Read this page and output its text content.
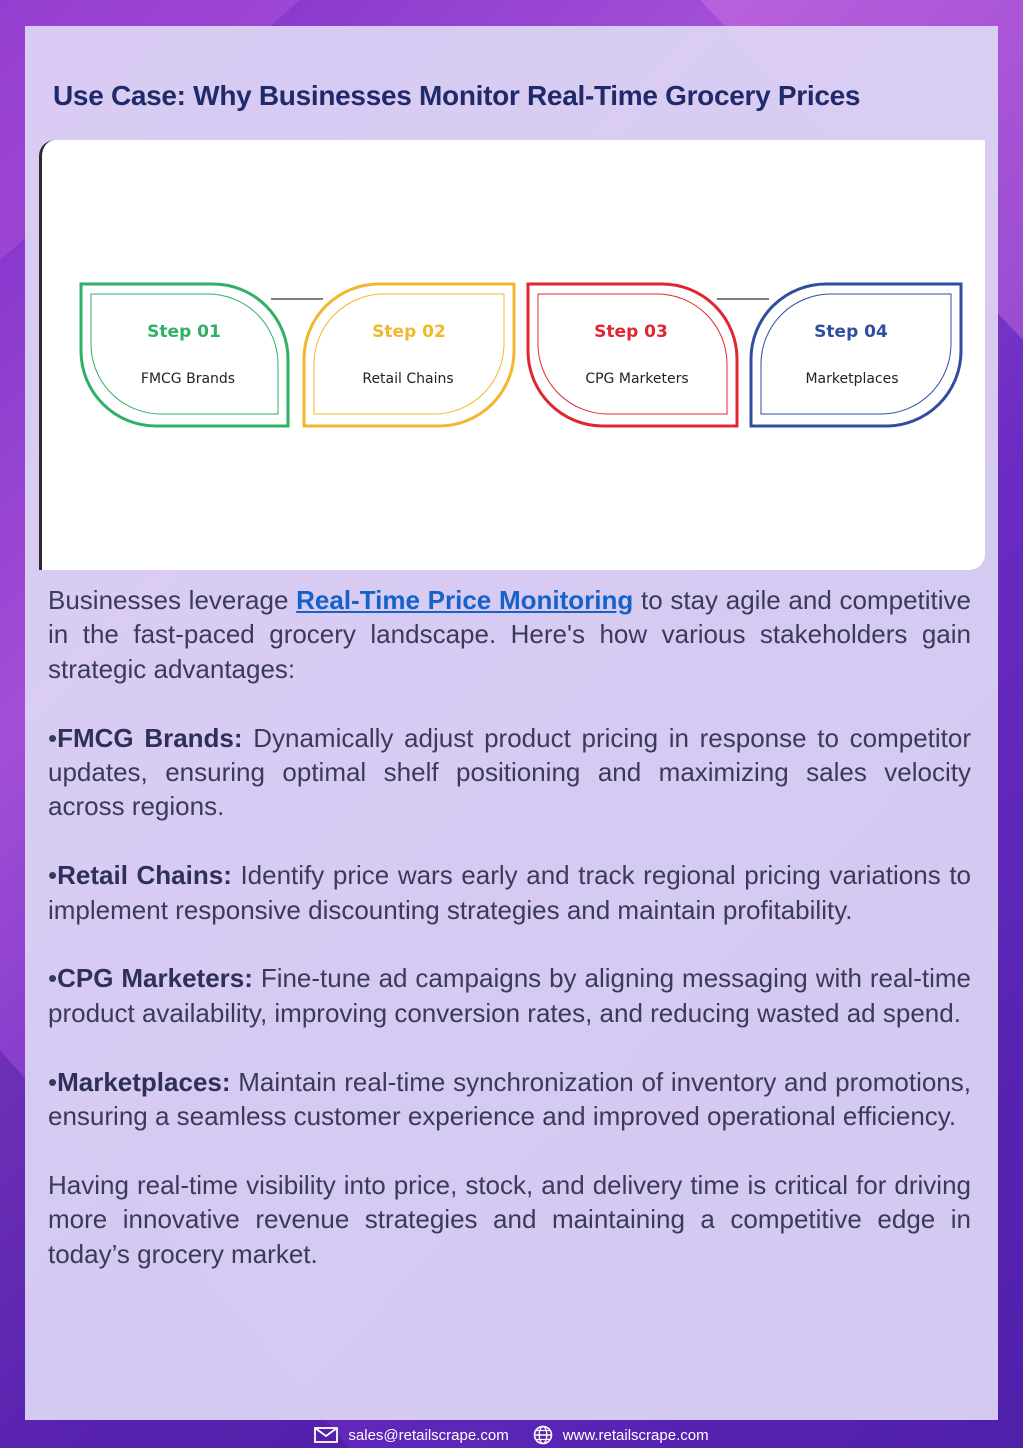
Use Case: Why Businesses Monitor Real-Time Grocery Prices
Step 01
FMCG Brands
Step 02
Retail Chains
Step 03
CPG Marketers
Step 04
Marketplaces

Businesses leverage Real-Time Price Monitoring to stay agile and competitive in the fast-paced grocery landscape. Here's how various stakeholders gain strategic advantages:

•FMCG Brands: Dynamically adjust product pricing in response to competitor updates, ensuring optimal shelf positioning and maximizing sales velocity across regions.

•Retail Chains: Identify price wars early and track regional pricing variations to implement responsive discounting strategies and maintain profitability.

•CPG Marketers: Fine-tune ad campaigns by aligning messaging with real-time product availability, improving conversion rates, and reducing wasted ad spend.

•Marketplaces: Maintain real-time synchronization of inventory and promotions, ensuring a seamless customer experience and improved operational efficiency.

Having real-time visibility into price, stock, and delivery time is critical for driving more innovative revenue strategies and maintaining a competitive edge in today’s grocery market.

sales@retailscrape.com	www.retailscrape.com
